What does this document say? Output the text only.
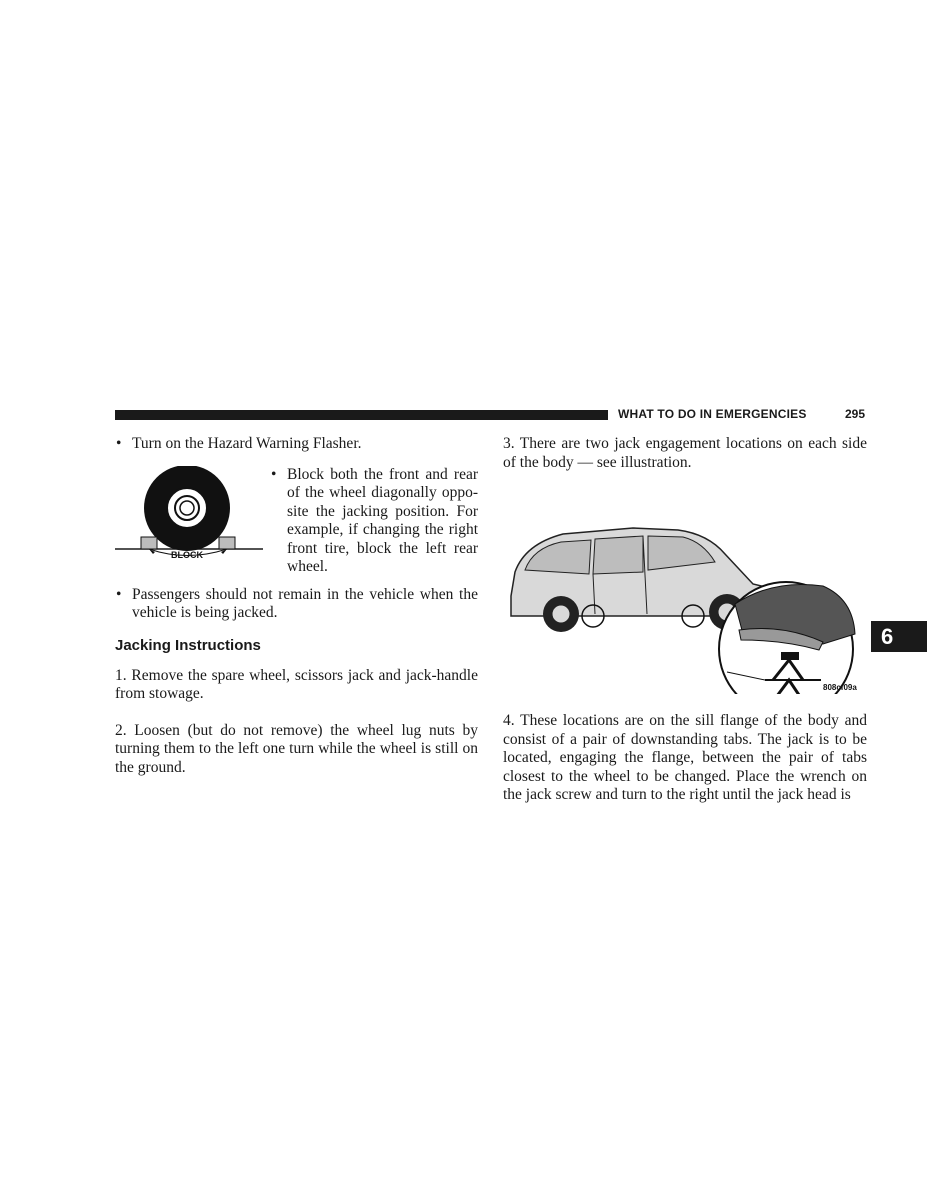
WHAT TO DO IN EMERGENCIES	295
6
• Turn on the Hazard Warning Flasher.
BLOCK
• Block both the front and rear of the wheel diagonally oppo-site the jacking position. For example, if changing the right front tire, block the left rear wheel.
• Passengers should not remain in the vehicle when the vehicle is being jacked.
Jacking Instructions

1. Remove the spare wheel, scissors jack and jack-handle from stowage.

2. Loosen (but do not remove) the wheel lug nuts by turning them to the left one turn while the wheel is still on the ground.

3. There are two jack engagement locations on each side of the body — see illustration.

808cf09a

4. These locations are on the sill flange of the body and consist of a pair of downstanding tabs. The jack is to be located, engaging the flange, between the pair of tabs closest to the wheel to be changed. Place the wrench on the jack screw and turn to the right until the jack head is
